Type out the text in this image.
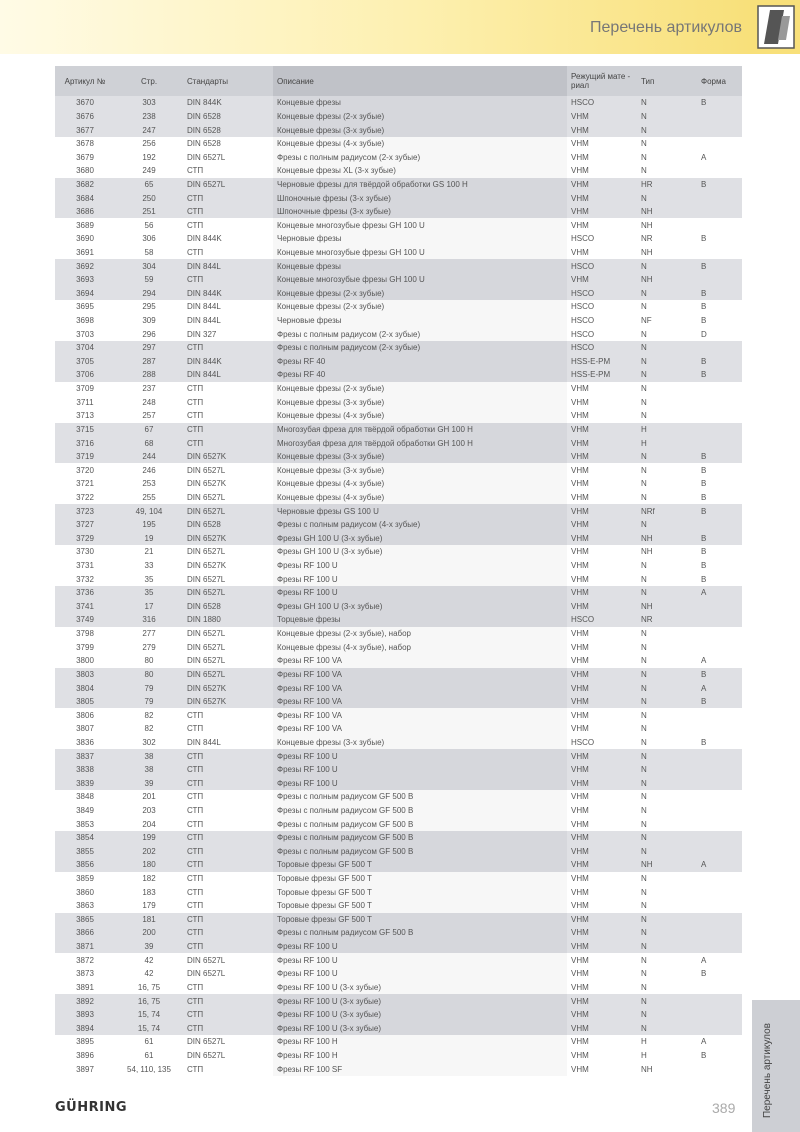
Перечень артикулов
Артикул №	Стр.	Стандарты	Описание	Режущий мате - риал	Тип	Форма
3670	303	DIN 844K	Концевые фрезы	HSCO	N	B
3676	238	DIN 6528	Концевые фрезы (2-х зубые)	VHM	N	
3677	247	DIN 6528	Концевые фрезы (3-х зубые)	VHM	N	
3678	256	DIN 6528	Концевые фрезы (4-х зубые)	VHM	N	
3679	192	DIN 6527L	Фрезы с полным радиусом (2-х зубые)	VHM	N	A
3680	249	СТП	Концевые фрезы XL (3-х зубые)	VHM	N	
3682	65	DIN 6527L	Черновые фрезы для твёрдой обработки GS 100 H	VHM	HR	B
3684	250	СТП	Шпоночные фрезы (3-х зубые)	VHM	N	
3686	251	СТП	Шпоночные фрезы (3-х зубые)	VHM	NH	
3689	56	СТП	Концевые многозубые фрезы GH 100 U	VHM	NH	
3690	306	DIN 844K	Черновые фрезы	HSCO	NR	B
3691	58	СТП	Концевые многозубые фрезы GH 100 U	VHM	NH	
3692	304	DIN 844L	Концевые фрезы	HSCO	N	B
3693	59	СТП	Концевые многозубые фрезы GH 100 U	VHM	NH	
3694	294	DIN 844K	Концевые фрезы (2-х зубые)	HSCO	N	B
3695	295	DIN 844L	Концевые фрезы (2-х зубые)	HSCO	N	B
3698	309	DIN 844L	Черновые фрезы	HSCO	NF	B
3703	296	DIN 327	Фрезы с полным радиусом (2-х зубые)	HSCO	N	D
3704	297	СТП	Фрезы с полным радиусом (2-х зубые)	HSCO	N	
3705	287	DIN 844K	Фрезы RF 40	HSS-E-PM	N	B
3706	288	DIN 844L	Фрезы RF 40	HSS-E-PM	N	B
3709	237	СТП	Концевые фрезы (2-х зубые)	VHM	N	
3711	248	СТП	Концевые фрезы (3-х зубые)	VHM	N	
3713	257	СТП	Концевые фрезы (4-х зубые)	VHM	N	
3715	67	СТП	Многозубая фреза для твёрдой обработки GH 100 H	VHM	H	
3716	68	СТП	Многозубая фреза для твёрдой обработки GH 100 H	VHM	H	
3719	244	DIN 6527K	Концевые фрезы (3-х зубые)	VHM	N	B
3720	246	DIN 6527L	Концевые фрезы (3-х зубые)	VHM	N	B
3721	253	DIN 6527K	Концевые фрезы (4-х зубые)	VHM	N	B
3722	255	DIN 6527L	Концевые фрезы (4-х зубые)	VHM	N	B
3723	49, 104	DIN 6527L	Черновые фрезы GS 100 U	VHM	NRf	B
3727	195	DIN 6528	Фрезы с полным радиусом (4-х зубые)	VHM	N	
3729	19	DIN 6527K	Фрезы GH 100 U (3-х зубые)	VHM	NH	B
3730	21	DIN 6527L	Фрезы GH 100 U (3-х зубые)	VHM	NH	B
3731	33	DIN 6527K	Фрезы RF 100 U	VHM	N	B
3732	35	DIN 6527L	Фрезы RF 100 U	VHM	N	B
3736	35	DIN 6527L	Фрезы RF 100 U	VHM	N	A
3741	17	DIN 6528	Фрезы GH 100 U (3-х зубые)	VHM	NH	
3749	316	DIN 1880	Торцевые фрезы	HSCO	NR	
3798	277	DIN 6527L	Концевые фрезы (2-х зубые), набор	VHM	N	
3799	279	DIN 6527L	Концевые фрезы (4-х зубые), набор	VHM	N	
3800	80	DIN 6527L	Фрезы RF 100 VA	VHM	N	A
3803	80	DIN 6527L	Фрезы RF 100 VA	VHM	N	B
3804	79	DIN 6527K	Фрезы RF 100 VA	VHM	N	A
3805	79	DIN 6527K	Фрезы RF 100 VA	VHM	N	B
3806	82	СТП	Фрезы RF 100 VA	VHM	N	
3807	82	СТП	Фрезы RF 100 VA	VHM	N	
3836	302	DIN 844L	Концевые фрезы (3-х зубые)	HSCO	N	B
3837	38	СТП	Фрезы RF 100 U	VHM	N	
3838	38	СТП	Фрезы RF 100 U	VHM	N	
3839	39	СТП	Фрезы RF 100 U	VHM	N	
3848	201	СТП	Фрезы с полным радиусом GF 500 B	VHM	N	
3849	203	СТП	Фрезы с полным радиусом GF 500 B	VHM	N	
3853	204	СТП	Фрезы с полным радиусом GF 500 B	VHM	N	
3854	199	СТП	Фрезы с полным радиусом GF 500 B	VHM	N	
3855	202	СТП	Фрезы с полным радиусом GF 500 B	VHM	N	
3856	180	СТП	Торовые фрезы GF 500 T	VHM	NH	A
3859	182	СТП	Торовые фрезы GF 500 T	VHM	N	
3860	183	СТП	Торовые фрезы GF 500 T	VHM	N	
3863	179	СТП	Торовые фрезы GF 500 T	VHM	N	
3865	181	СТП	Торовые фрезы GF 500 T	VHM	N	
3866	200	СТП	Фрезы с полным радиусом GF 500 B	VHM	N	
3871	39	СТП	Фрезы RF 100 U	VHM	N	
3872	42	DIN 6527L	Фрезы RF 100 U	VHM	N	A
3873	42	DIN 6527L	Фрезы RF 100 U	VHM	N	B
3891	16, 75	СТП	Фрезы RF 100 U (3-х зубые)	VHM	N	
3892	16, 75	СТП	Фрезы RF 100 U (3-х зубые)	VHM	N	
3893	15, 74	СТП	Фрезы RF 100 U (3-х зубые)	VHM	N	
3894	15, 74	СТП	Фрезы RF 100 U (3-х зубые)	VHM	N	
3895	61	DIN 6527L	Фрезы RF 100 H	VHM	H	A
3896	61	DIN 6527L	Фрезы RF 100 H	VHM	H	B
3897	54, 110, 135	СТП	Фрезы RF 100 SF	VHM	NH		Перечень артикулов
GÜHRING	389
